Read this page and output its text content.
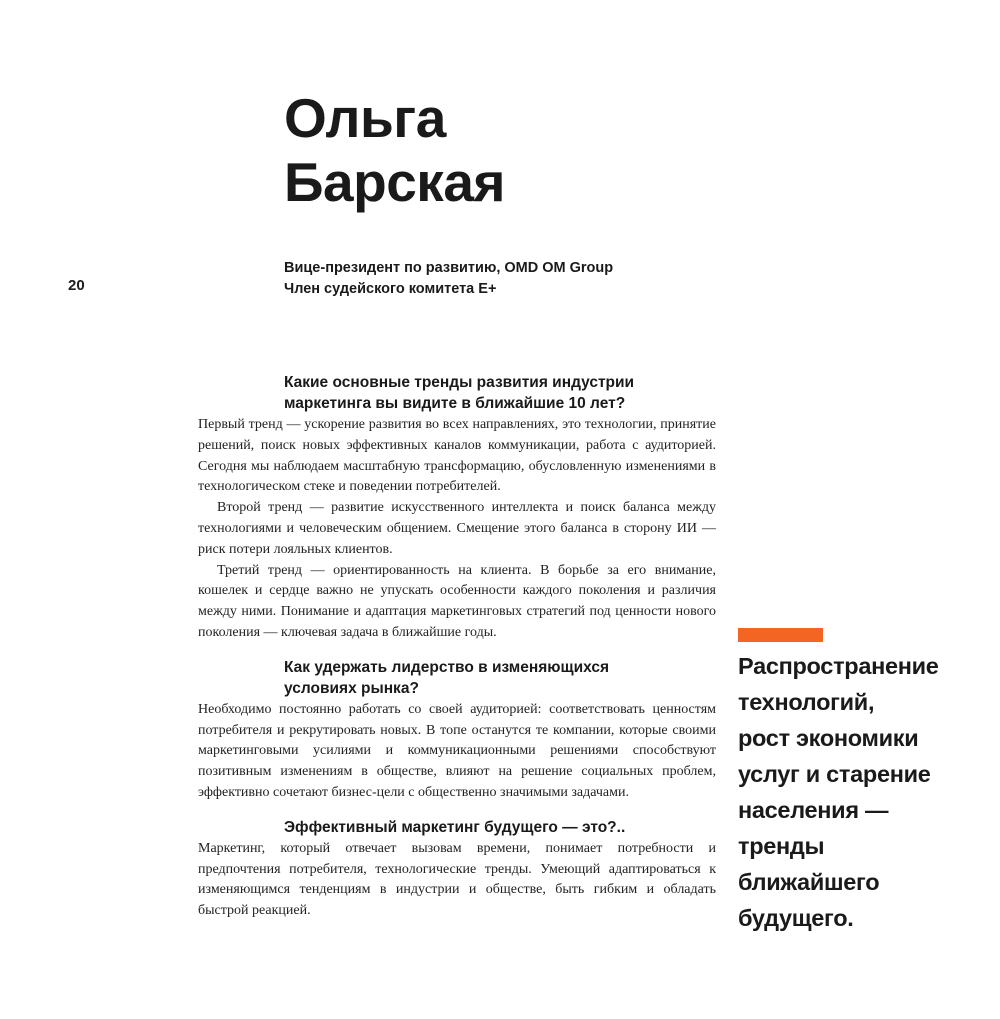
Ольга
Барская
20
Вице-президент по развитию, OMD OM Group
Член судейского комитета E+
Какие основные тренды развития индустрии
маркетинга вы видите в ближайшие 10 лет?

Первый тренд — ускорение развития во всех направлениях, это технологии, принятие решений, поиск новых эффективных каналов коммуникации, работа с аудиторией. Сегодня мы наблюдаем масштабную трансформацию, обусловленную изменениями в технологическом стеке и поведении потребителей.

Второй тренд — развитие искусственного интеллекта и поиск баланса между технологиями и человеческим общением. Смещение этого баланса в сторону ИИ — риск потери лояльных клиентов.

Третий тренд — ориентированность на клиента. В борьбе за его внимание, кошелек и сердце важно не упускать особенности каждого поколения и различия между ними. Понимание и адаптация маркетинговых стратегий под ценности нового поколения — ключевая задача в ближайшие годы.

Как удержать лидерство в изменяющихся
условиях рынка?

Необходимо постоянно работать со своей аудиторией: соответствовать ценностям потребителя и рекрутировать новых. В топе останутся те компании, которые своими маркетинговыми усилиями и коммуникационными решениями способствуют позитивным изменениям в обществе, влияют на решение социальных проблем, эффективно сочетают бизнес-цели с общественно значимыми задачами.

Эффективный маркетинг будущего — это?..

Маркетинг, который отвечает вызовам времени, понимает потребности и предпочтения потребителя, технологические тренды. Умеющий адаптироваться к изменяющимся тенденциям в индустрии и обществе, быть гибким и обладать быстрой реакцией.

Распространение
технологий,
рост экономики
услуг и старение
населения —
тренды
ближайшего
будущего.
